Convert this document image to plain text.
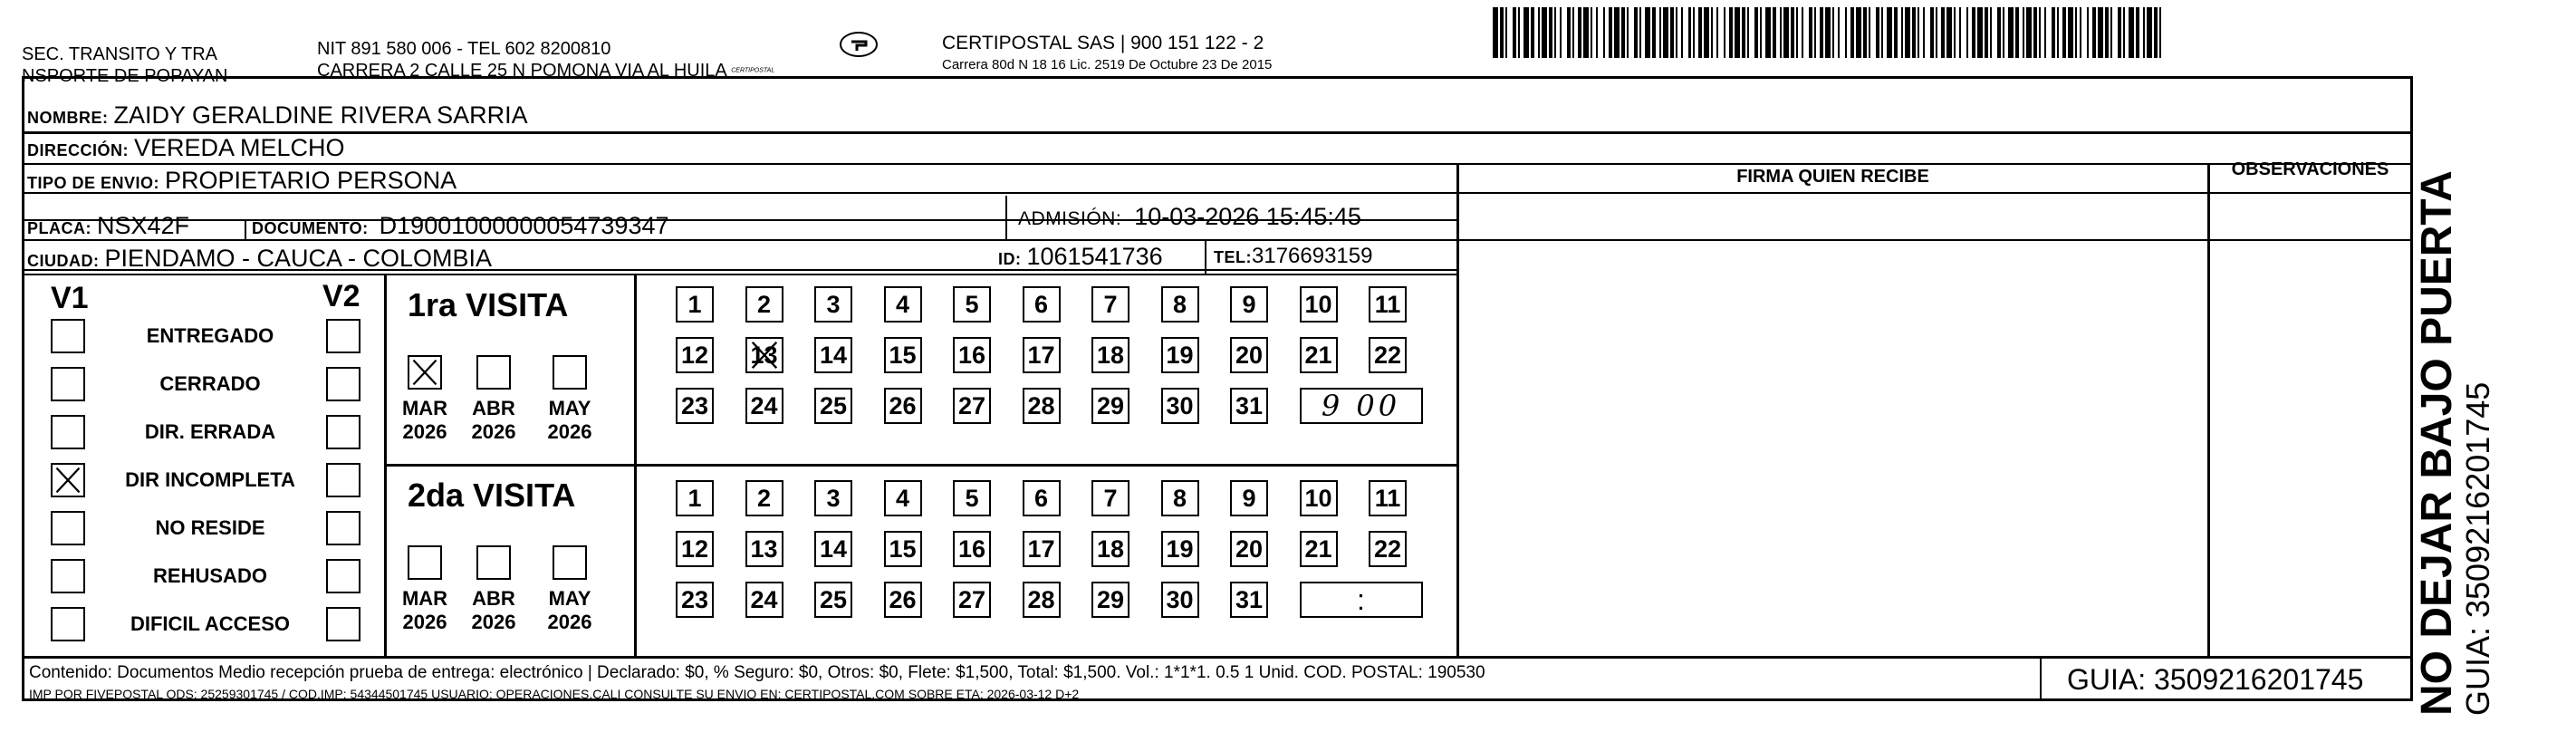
SEC. TRANSITO Y TRA
NSPORTE DE POPAYAN
NIT 891 580 006 - TEL 602 8200810
CARRERA 2 CALLE 25 N POMONA VIA AL HUILA CERTIPOSTAL
CERTIPOSTAL SAS | 900 151 122 - 2
Carrera 80d N 18 16 Lic. 2519 De Octubre 23 De 2015
NOMBRE: ZAIDY GERALDINE RIVERA SARRIA
DIRECCIÓN: VEREDA MELCHO
TIPO DE ENVIO: PROPIETARIO PERSONA
PLACA: NSX42F	DOCUMENTO: D19001000000054739347	ADMISIÓN: 10-03-2026 15:45:45
CIUDAD: PIENDAMO - CAUCA - COLOMBIA	ID: 1061541736	TEL:3176693159
FIRMA QUIEN RECIBE	OBSERVACIONES
V1	V2
ENTREGADO
CERRADO
DIR. ERRADA
DIR INCOMPLETA
NO RESIDE
REHUSADO
DIFICIL ACCESO
1ra VISITA
2da VISITA
MAR
2026
ABR
2026
MAY
2026
MAR
2026
ABR
2026
MAY
2026
1 2 3 4 5 6 7 8 9 10 11
12 13 14 15 16 17 18 19 20 21 22
23 24 25 26 27 28 29 30 31 9 00
1 2 3 4 5 6 7 8 9 10 11
12 13 14 15 16 17 18 19 20 21 22
23 24 25 26 27 28 29 30 31	:
Contenido: Documentos Medio recepción prueba de entrega: electrónico | Declarado: $0, % Seguro: $0, Otros: $0, Flete: $1,500, Total: $1,500. Vol.: 1*1*1. 0.5 1 Unid. COD. POSTAL: 190530
IMP POR FIVEPOSTAL ODS: 25259301745 / COD.IMP: 54344501745 USUARIO: OPERACIONES.CALI CONSULTE SU ENVIO EN: CERTIPOSTAL.COM SOBRE ETA: 2026-03-12 D+2	GUIA: 3509216201745 NO DEJAR BAJO PUERTA
GUIA: 3509216201745
